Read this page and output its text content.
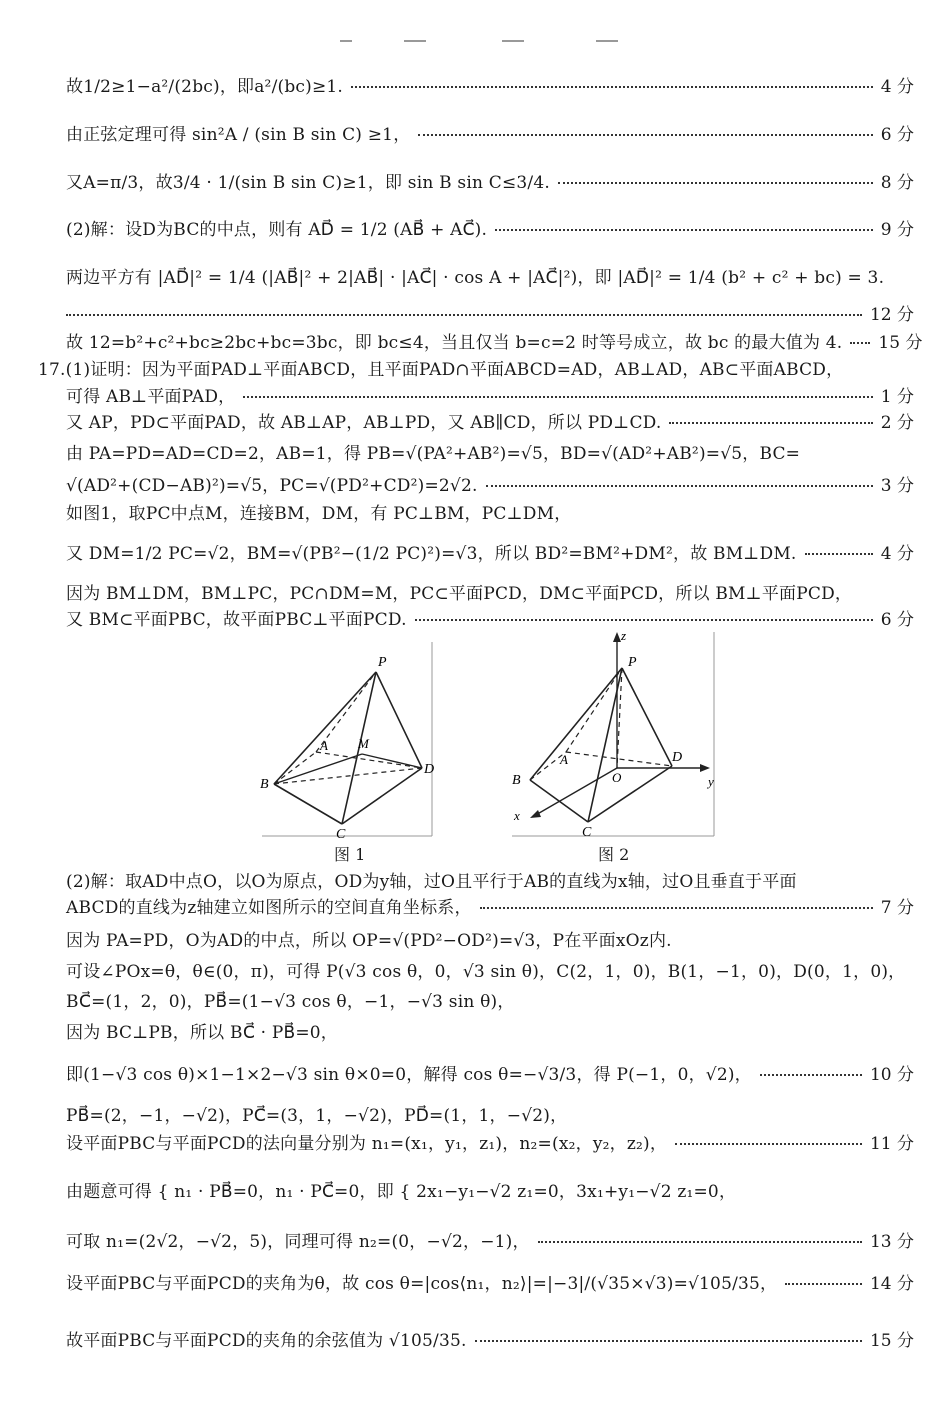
故1/2≥1−a²/(2bc)，即a²/(bc)≥1.	4 分
由正弦定理可得 sin²A / (sin B sin C) ≥1，	6 分
又A=π/3，故3/4 · 1/(sin B sin C)≥1，即 sin B sin C≤3/4.	8 分
(2)解：设D为BC的中点，则有 AD⃗ = 1/2 (AB⃗ + AC⃗).	9 分
两边平方有 |AD⃗|² = 1/4 (|AB⃗|² + 2|AB⃗| · |AC⃗| · cos A + |AC⃗|²)，即 |AD⃗|² = 1/4 (b² + c² + bc) = 3.
12 分
故 12=b²+c²+bc≥2bc+bc=3bc，即 bc≤4，当且仅当 b=c=2 时等号成立，故 bc 的最大值为 4. 15 分
17.(1)证明：因为平面PAD⊥平面ABCD，且平面PAD∩平面ABCD=AD，AB⊥AD，AB⊂平面ABCD，
可得 AB⊥平面PAD，	1 分
又 AP，PD⊂平面PAD，故 AB⊥AP，AB⊥PD，又 AB∥CD，所以 PD⊥CD.	2 分
由 PA=PD=AD=CD=2，AB=1，得 PB=√(PA²+AB²)=√5，BD=√(AD²+AB²)=√5，BC=
√(AD²+(CD−AB)²)=√5，PC=√(PD²+CD²)=2√2.	3 分
如图1，取PC中点M，连接BM，DM，有 PC⊥BM，PC⊥DM，
又 DM=1/2 PC=√2，BM=√(PB²−(1/2 PC)²)=√3，所以 BD²=BM²+DM²，故 BM⊥DM.	4 分
因为 BM⊥DM，BM⊥PC，PC∩DM=M，PC⊂平面PCD，DM⊂平面PCD，所以 BM⊥平面PCD，
又 BM⊂平面PBC，故平面PBC⊥平面PCD.	6 分
P
A M
B
D
C
图 1
z
P
A
O
B
D
y
x
C
图 2
(2)解：取AD中点O，以O为原点，OD为y轴，过O且平行于AB的直线为x轴，过O且垂直于平面
ABCD的直线为z轴建立如图所示的空间直角坐标系，	7 分
因为 PA=PD，O为AD的中点，所以 OP=√(PD²−OD²)=√3，P在平面xOz内.
可设∠POx=θ，θ∈(0，π)，可得 P(√3 cos θ，0，√3 sin θ)，C(2，1，0)，B(1，−1，0)，D(0，1，0)，
BC⃗=(1，2，0)，PB⃗=(1−√3 cos θ，−1，−√3 sin θ)，
因为 BC⊥PB，所以 BC⃗ · PB⃗=0，
即(1−√3 cos θ)×1−1×2−√3 sin θ×0=0，解得 cos θ=−√3/3，得 P(−1，0，√2)，	10 分
PB⃗=(2，−1，−√2)，PC⃗=(3，1，−√2)，PD⃗=(1，1，−√2)，
设平面PBC与平面PCD的法向量分别为 n₁=(x₁，y₁，z₁)，n₂=(x₂，y₂，z₂)，	11 分
由题意可得 { n₁ · PB⃗=0，n₁ · PC⃗=0，即 { 2x₁−y₁−√2 z₁=0，3x₁+y₁−√2 z₁=0，
可取 n₁=(2√2，−√2，5)，同理可得 n₂=(0，−√2，−1)，	13 分
设平面PBC与平面PCD的夹角为θ，故 cos θ=|cos⟨n₁，n₂⟩|=|−3|/(√35×√3)=√105/35，	14 分
故平面PBC与平面PCD的夹角的余弦值为 √105/35.	15 分
